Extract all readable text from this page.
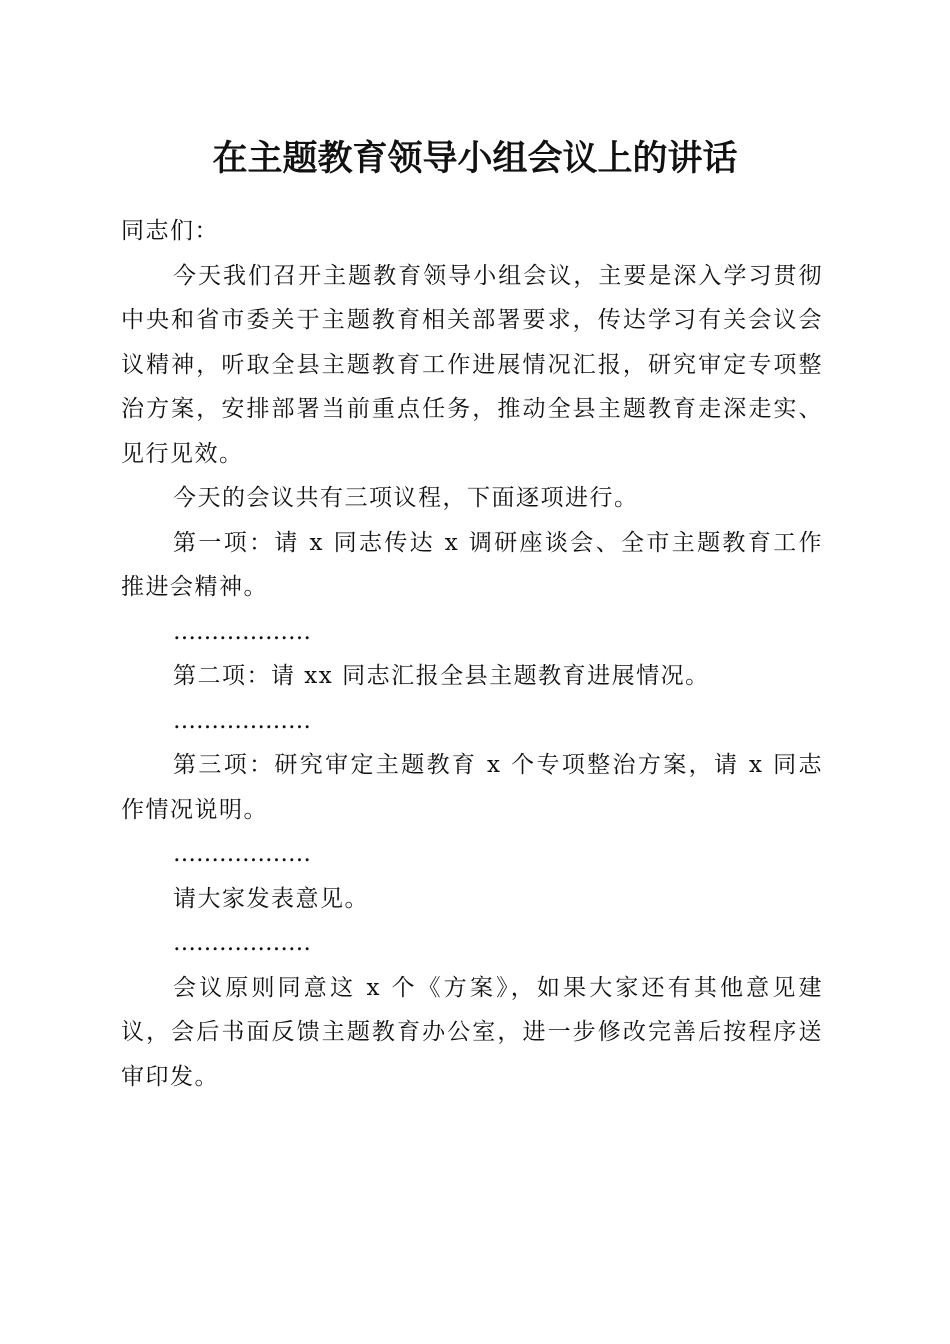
在主题教育领导小组会议上的讲话

同志们：

今天我们召开主题教育领导小组会议，主要是深入学习贯彻中央和省市委关于主题教育相关部署要求，传达学习有关会议会议精神，听取全县主题教育工作进展情况汇报，研究审定专项整治方案，安排部署当前重点任务，推动全县主题教育走深走实、见行见效。

今天的会议共有三项议程，下面逐项进行。

第一项：请 x 同志传达 x 调研座谈会、全市主题教育工作推进会精神。

………………

第二项：请 xx 同志汇报全县主题教育进展情况。

………………

第三项：研究审定主题教育 x 个专项整治方案，请 x 同志作情况说明。

………………

请大家发表意见。

………………

会议原则同意这 x 个《方案》，如果大家还有其他意见建议，会后书面反馈主题教育办公室，进一步修改完善后按程序送审印发。
